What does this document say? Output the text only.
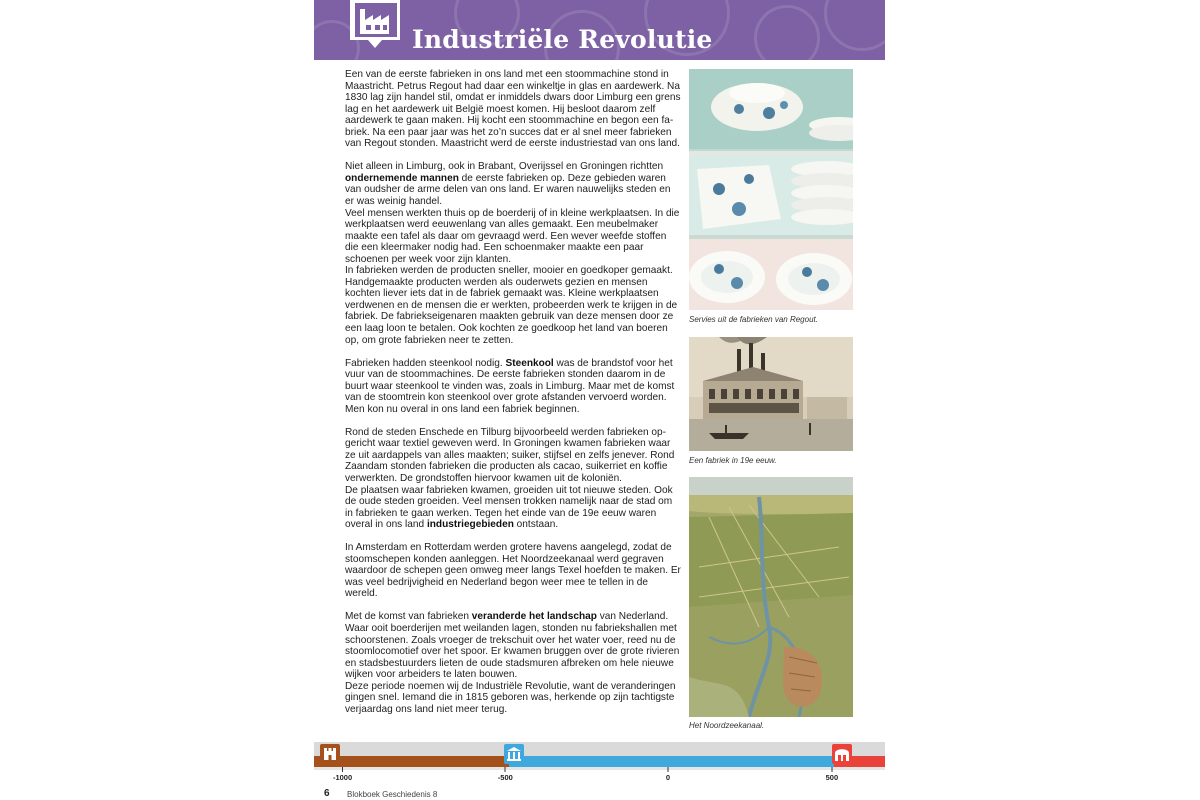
Industriële Revolutie

Een van de eerste fabrieken in ons land met een stoommachine stond in Maastricht. Petrus Regout had daar een winkeltje in glas en aardewerk. Na 1830 lag zijn handel stil, omdat er inmiddels dwars door Limburg een grens lag en het aardewerk uit België moest komen. Hij besloot daarom zelf aardewerk te gaan maken. Hij kocht een stoommachine en begon een fa-briek. Na een paar jaar was het zo’n succes dat er al snel meer fabrieken van Regout stonden. Maastricht werd de eerste industriestad van ons land.

Niet alleen in Limburg, ook in Brabant, Overijssel en Groningen richtten ondernemende mannen de eerste fabrieken op. Deze gebieden waren van oudsher de arme delen van ons land. Er waren nauwelijks steden en er was weinig handel.
Veel mensen werkten thuis op de boerderij of in kleine werkplaatsen. In die werkplaatsen werd eeuwenlang van alles gemaakt. Een meubelmaker maakte een tafel als daar om gevraagd werd. Een wever weefde stoffen die een kleermaker nodig had. Een schoenmaker maakte een paar schoenen per week voor zijn klanten.
In fabrieken werden de producten sneller, mooier en goedkoper gemaakt. Handgemaakte producten werden als ouderwets gezien en mensen kochten liever iets dat in de fabriek gemaakt was. Kleine werkplaatsen verdwenen en de mensen die er werkten, probeerden werk te krijgen in de fabriek. De fabriekseigenaren maakten gebruik van deze mensen door ze een laag loon te betalen. Ook kochten ze goedkoop het land van boeren op, om grote fabrieken neer te zetten.

Fabrieken hadden steenkool nodig. Steenkool was de brandstof voor het vuur van de stoommachines. De eerste fabrieken stonden daarom in de buurt waar steenkool te vinden was, zoals in Limburg. Maar met de komst van de stoomtrein kon steenkool over grote afstanden vervoerd worden. Men kon nu overal in ons land een fabriek beginnen.

Rond de steden Enschede en Tilburg bijvoorbeeld werden fabrieken op-gericht waar textiel geweven werd. In Groningen kwamen fabrieken waar ze uit aardappels van alles maakten; suiker, stijfsel en zelfs jenever. Rond Zaandam stonden fabrieken die producten als cacao, suikerriet en koffie verwerkten. De grondstoffen hiervoor kwamen uit de koloniën.
De plaatsen waar fabrieken kwamen, groeiden uit tot nieuwe steden. Ook de oude steden groeiden. Veel mensen trokken namelijk naar de stad om in fabrieken te gaan werken. Tegen het einde van de 19e eeuw waren overal in ons land industriegebieden ontstaan.

In Amsterdam en Rotterdam werden grotere havens aangelegd, zodat de stoomschepen konden aanleggen. Het Noordzeekanaal werd gegraven waardoor de schepen geen omweg meer langs Texel hoefden te maken. Er was veel bedrijvigheid en Nederland begon weer mee te tellen in de wereld.

Met de komst van fabrieken veranderde het landschap van Nederland. Waar ooit boerderijen met weilanden lagen, stonden nu fabriekshallen met schoorstenen. Zoals vroeger de trekschuit over het water voer, reed nu de stoomlocomotief over het spoor. Er kwamen bruggen over de grote rivieren en stadsbestuurders lieten de oude stadsmuren afbreken om hele nieuwe wijken voor arbeiders te laten bouwen.
Deze periode noemen wij de Industriële Revolutie, want de veranderingen gingen snel. Iemand die in 1815 geboren was, herkende op zijn tachtigste verjaardag ons land niet meer terug.

Servies uit de fabrieken van Regout.
Een fabriek in 19e eeuw.
Het Noordzeekanaal.
-1000	-500	0	500
6 Blokboek Geschiedenis 8
